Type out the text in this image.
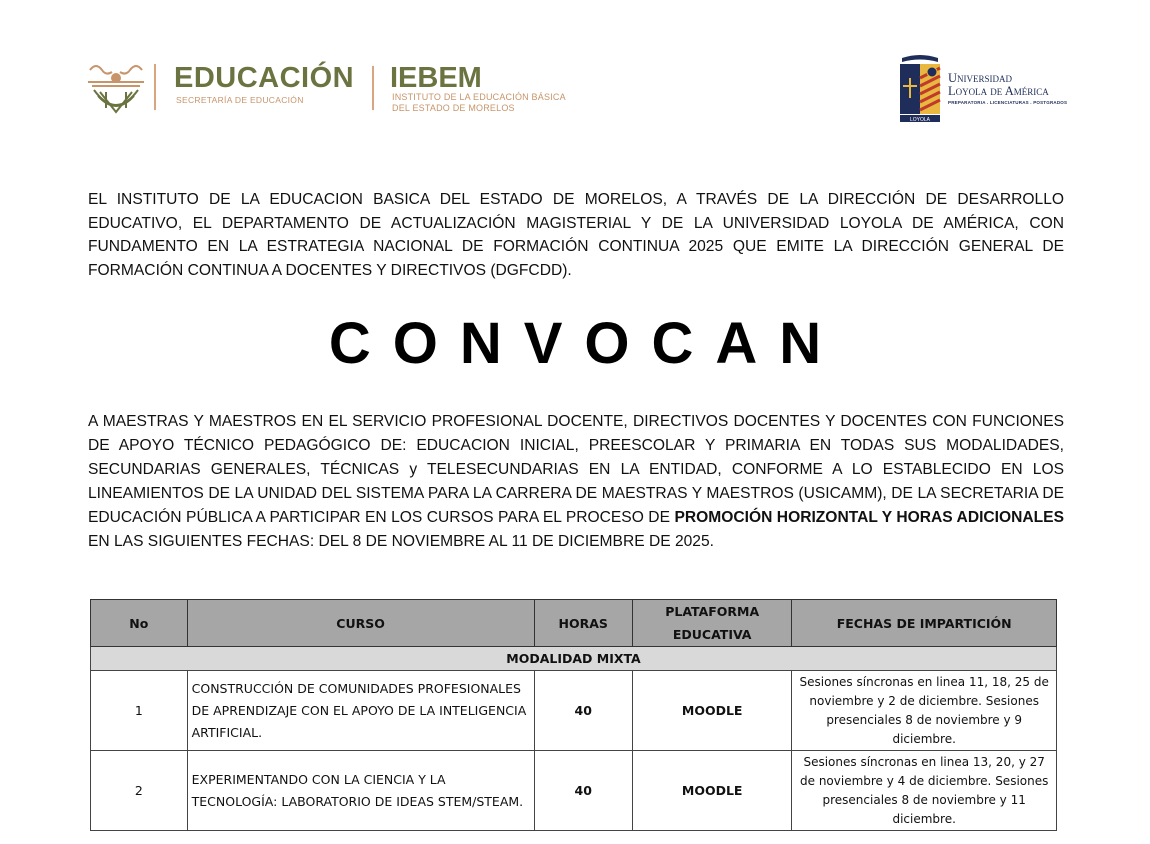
EDUCACIÓN
SECRETARÍA DE EDUCACIÓN
IEBEM
INSTITUTO DE LA EDUCACIÓN BÁSICA
DEL ESTADO DE MORELOS
LOYOLA
Universidad
Loyola de América
PREPARATORIA . LICENCIATURAS . POSTGRADOS
EL INSTITUTO DE LA EDUCACION BASICA DEL ESTADO DE MORELOS, A TRAVÉS DE LA DIRECCIÓN DE DESARROLLO EDUCATIVO, EL DEPARTAMENTO DE ACTUALIZACIÓN MAGISTERIAL Y DE LA UNIVERSIDAD LOYOLA DE AMÉRICA, CON FUNDAMENTO EN LA ESTRATEGIA NACIONAL DE FORMACIÓN CONTINUA 2025 QUE EMITE LA DIRECCIÓN GENERAL DE FORMACIÓN CONTINUA A DOCENTES Y DIRECTIVOS (DGFCDD).
CONVOCAN
A MAESTRAS Y MAESTROS EN EL SERVICIO PROFESIONAL DOCENTE, DIRECTIVOS DOCENTES Y DOCENTES CON FUNCIONES DE APOYO TÉCNICO PEDAGÓGICO DE: EDUCACION INICIAL, PREESCOLAR Y PRIMARIA EN TODAS SUS MODALIDADES, SECUNDARIAS GENERALES, TÉCNICAS y TELESECUNDARIAS EN LA ENTIDAD, CONFORME A LO ESTABLECIDO EN LOS LINEAMIENTOS DE LA UNIDAD DEL SISTEMA PARA LA CARRERA DE MAESTRAS Y MAESTROS (USICAMM), DE LA SECRETARIA DE EDUCACIÓN PÚBLICA A PARTICIPAR EN LOS CURSOS PARA EL PROCESO DE PROMOCIÓN HORIZONTAL Y HORAS ADICIONALES EN LAS SIGUIENTES FECHAS: DEL 8 DE NOVIEMBRE AL 11 DE DICIEMBRE DE 2025.
No	CURSO	HORAS	PLATAFORMA EDUCATIVA	FECHAS DE IMPARTICIÓN
MODALIDAD MIXTA				
1	CONSTRUCCIÓN DE COMUNIDADES PROFESIONALES DE APRENDIZAJE CON EL APOYO DE LA INTELIGENCIA ARTIFICIAL.	40	MOODLE	Sesiones síncronas en linea 11, 18, 25 de noviembre y 2 de diciembre. Sesiones presenciales 8 de noviembre y 9 diciembre.
2	EXPERIMENTANDO CON LA CIENCIA Y LA TECNOLOGÍA: LABORATORIO DE IDEAS STEM/STEAM.	40	MOODLE	Sesiones síncronas en linea 13, 20, y 27 de noviembre y 4 de diciembre. Sesiones presenciales 8 de noviembre y 11 diciembre.
